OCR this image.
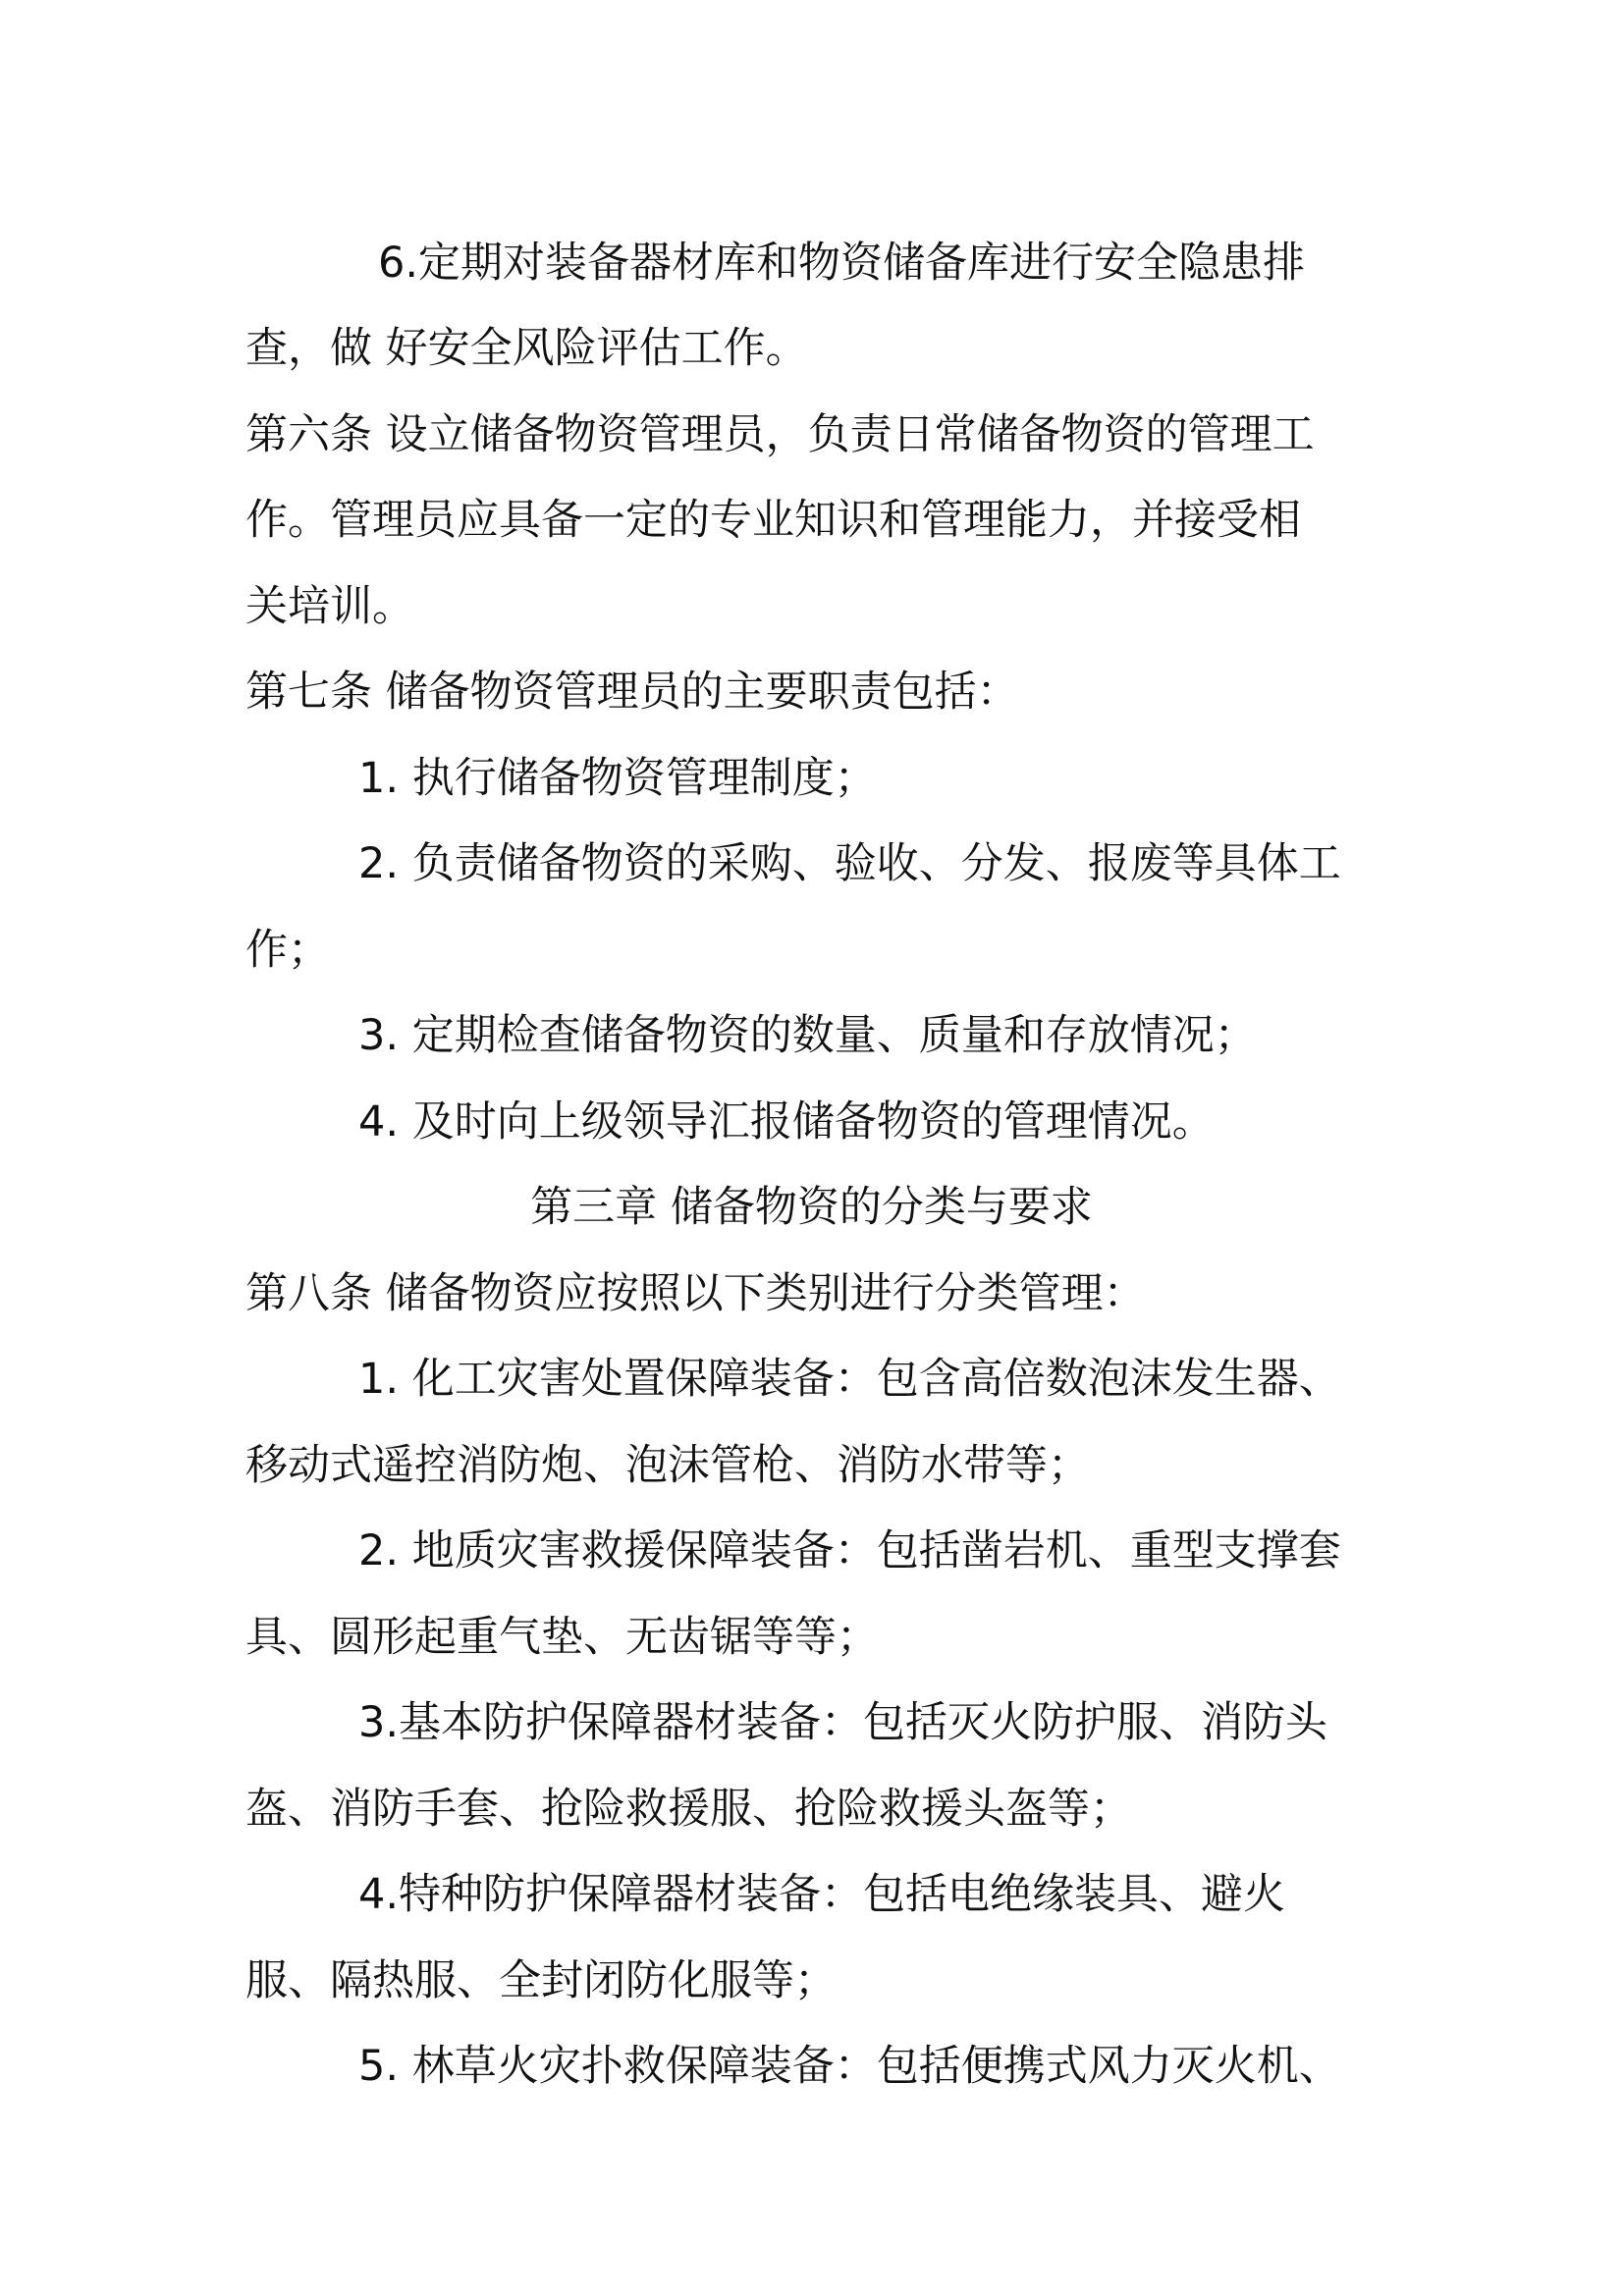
6.定期对装备器材库和物资储备库进行安全隐患排
查，做 好安全风险评估工作。
第六条 设立储备物资管理员，负责日常储备物资的管理工
作。管理员应具备一定的专业知识和管理能力，并接受相
关培训。
第七条 储备物资管理员的主要职责包括：
1. 执行储备物资管理制度；
2. 负责储备物资的采购、验收、分发、报废等具体工
作；
3. 定期检查储备物资的数量、质量和存放情况；
4. 及时向上级领导汇报储备物资的管理情况。
第三章 储备物资的分类与要求
第八条 储备物资应按照以下类别进行分类管理：
1. 化工灾害处置保障装备：包含高倍数泡沫发生器、
移动式遥控消防炮、泡沫管枪、消防水带等；
2. 地质灾害救援保障装备：包括凿岩机、重型支撑套
具、圆形起重气垫、无齿锯等等；
3.基本防护保障器材装备：包括灭火防护服、消防头
盔、消防手套、抢险救援服、抢险救援头盔等；
4.特种防护保障器材装备：包括电绝缘装具、避火
服、隔热服、全封闭防化服等；
5. 林草火灾扑救保障装备：包括便携式风力灭火机、
